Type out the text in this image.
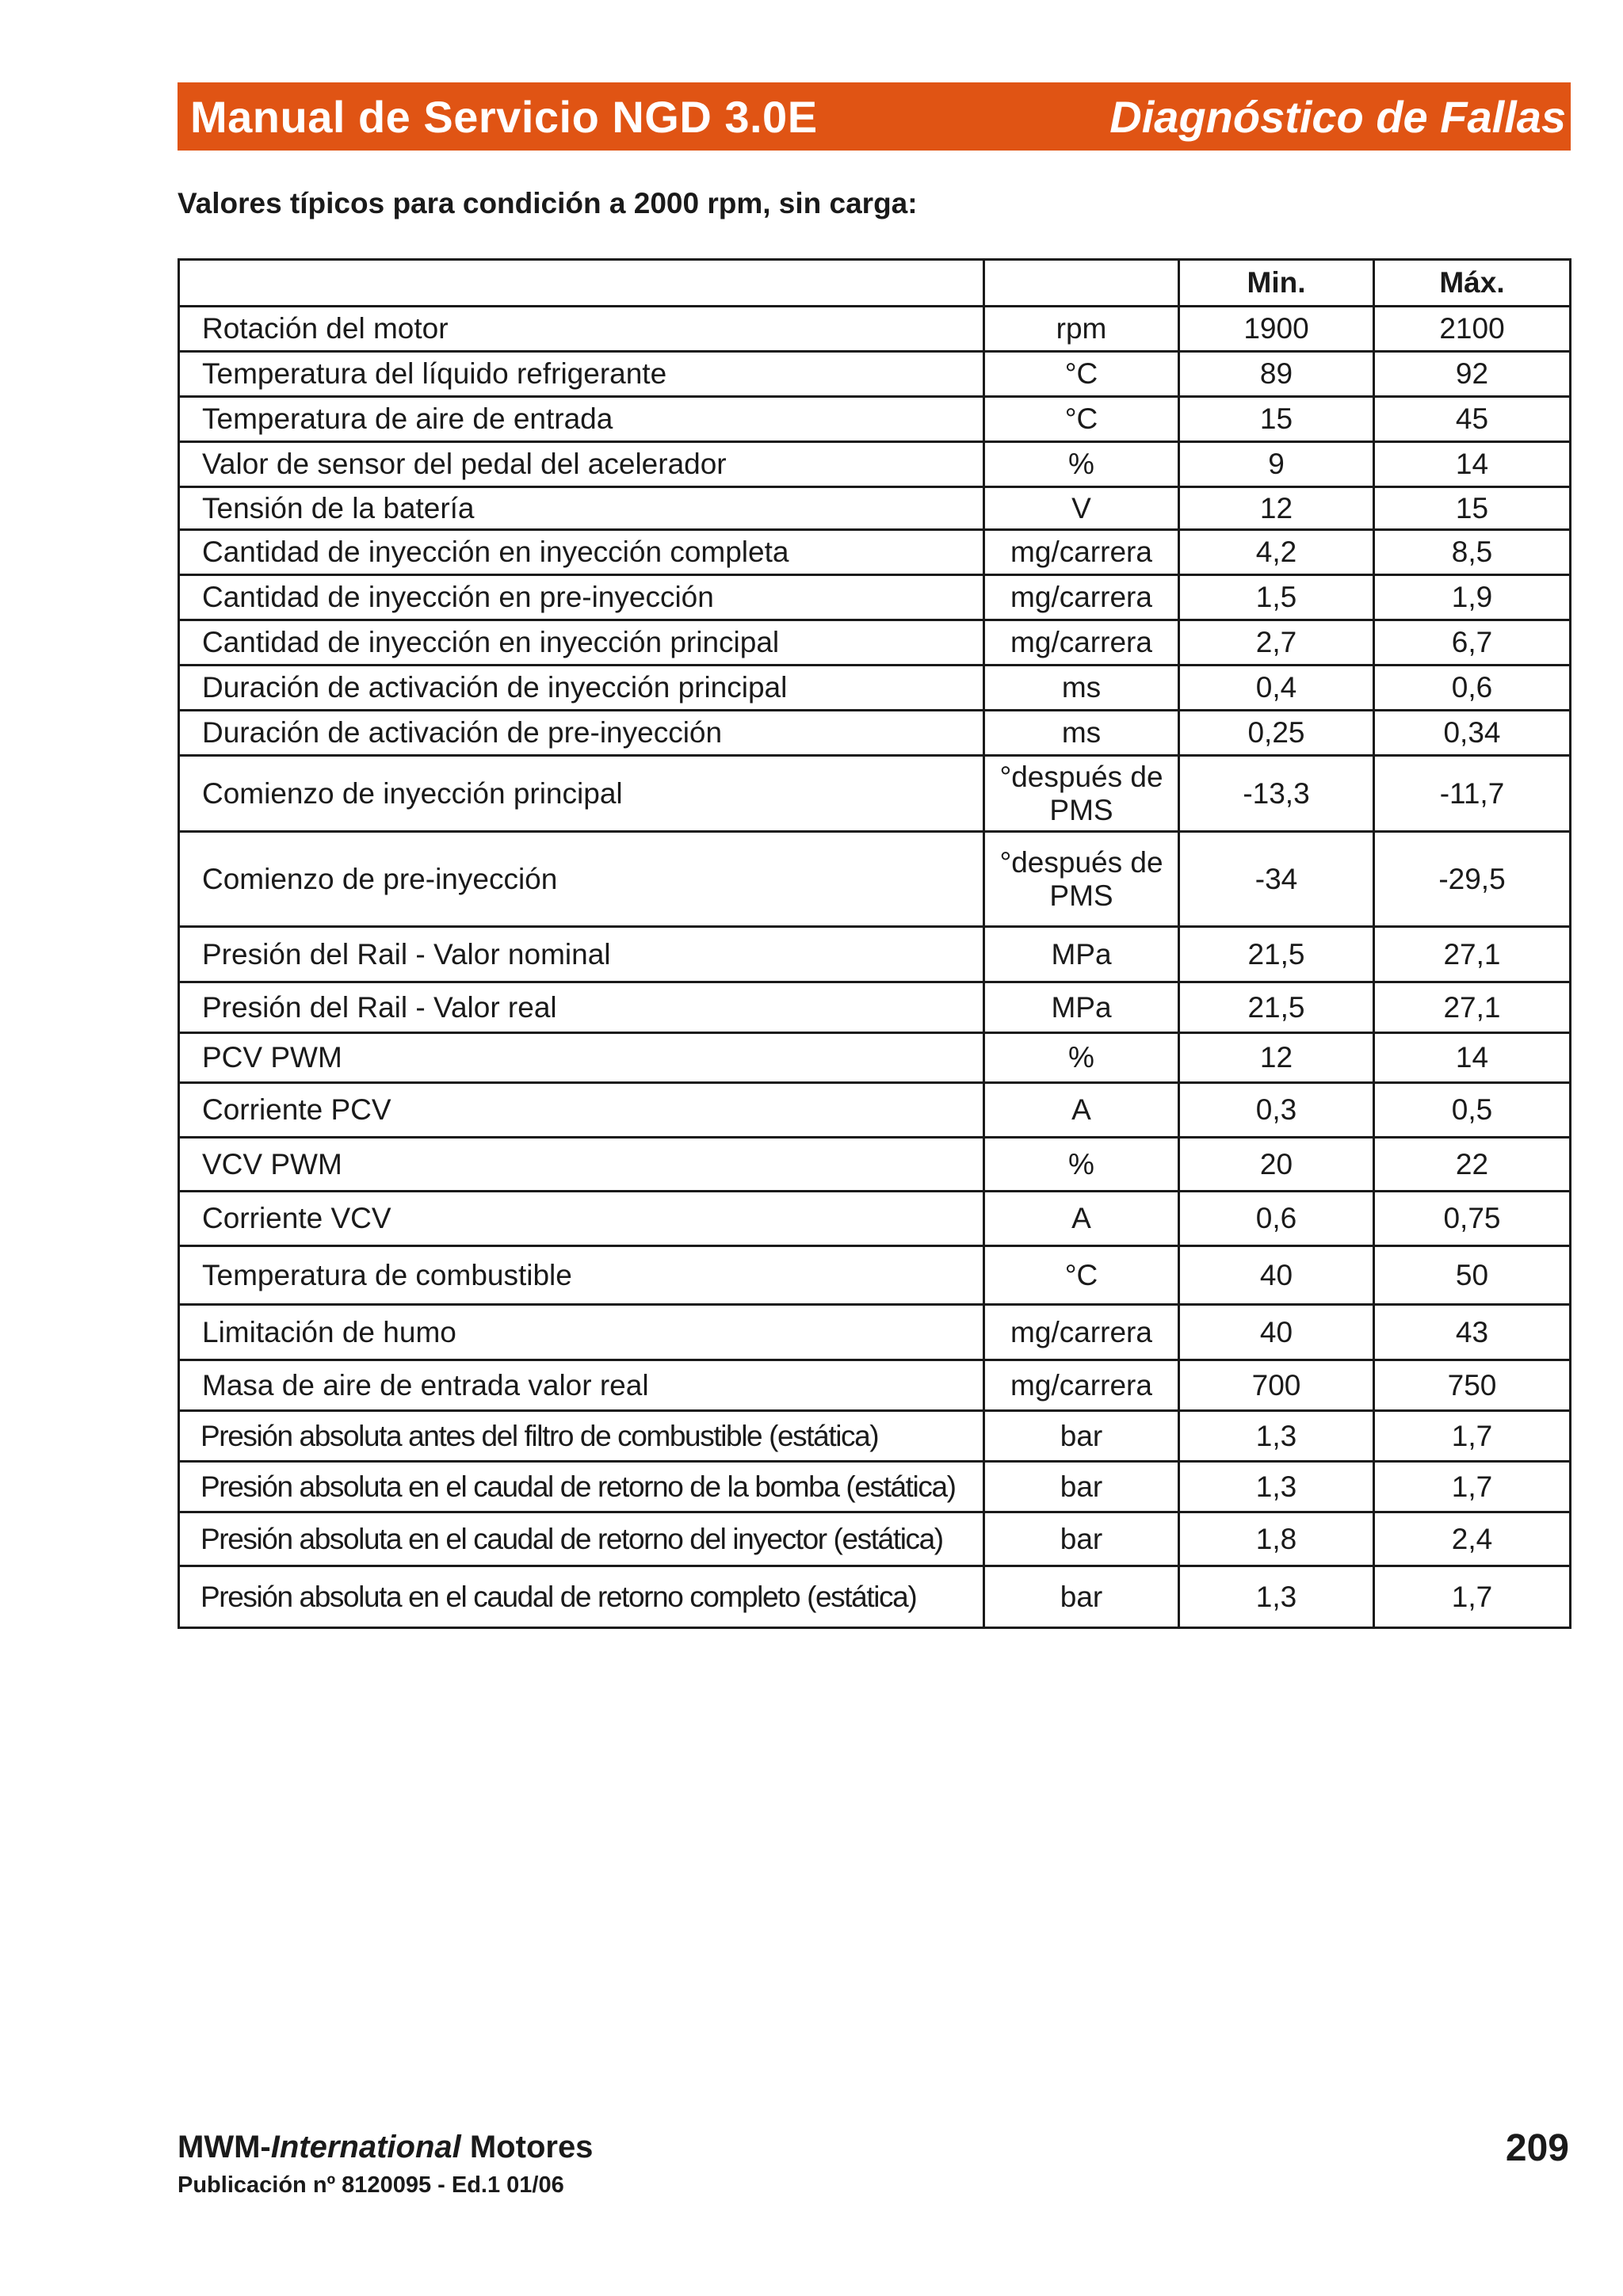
Manual de Servicio NGD 3.0E	Diagnóstico de Fallas
Valores típicos para condición a 2000 rpm, sin carga:
		Min.	Máx.
Rotación del motor	rpm	1900	2100
Temperatura del líquido refrigerante	°C	89	92
Temperatura de aire de entrada	°C	15	45
Valor de sensor del pedal del acelerador	%	9	14
Tensión de la batería	V	12	15
Cantidad de inyección en inyección completa	mg/carrera	4,2	8,5
Cantidad de inyección en pre-inyección	mg/carrera	1,5	1,9
Cantidad de inyección en inyección principal	mg/carrera	2,7	6,7
Duración de activación de inyección principal	ms	0,4	0,6
Duración de activación de pre-inyección	ms	0,25	0,34
Comienzo de inyección principal	°después de PMS	-13,3	-11,7
Comienzo de pre-inyección	°después de PMS	-34	-29,5
Presión del Rail - Valor nominal	MPa	21,5	27,1
Presión del Rail - Valor real	MPa	21,5	27,1
PCV PWM	%	12	14
Corriente PCV	A	0,3	0,5
VCV PWM	%	20	22
Corriente VCV	A	0,6	0,75
Temperatura de combustible	°C	40	50
Limitación de humo	mg/carrera	40	43
Masa de aire de entrada valor real	mg/carrera	700	750
Presión absoluta antes del filtro de combustible (estática)	bar	1,3	1,7
Presión absoluta en el caudal de retorno de la bomba (estática)	bar	1,3	1,7
Presión absoluta en el caudal de retorno del inyector (estática)	bar	1,8	2,4
Presión absoluta en el caudal de retorno completo (estática)	bar	1,3	1,7
MWM-International Motores
Publicación nº 8120095 - Ed.1 01/06
209
